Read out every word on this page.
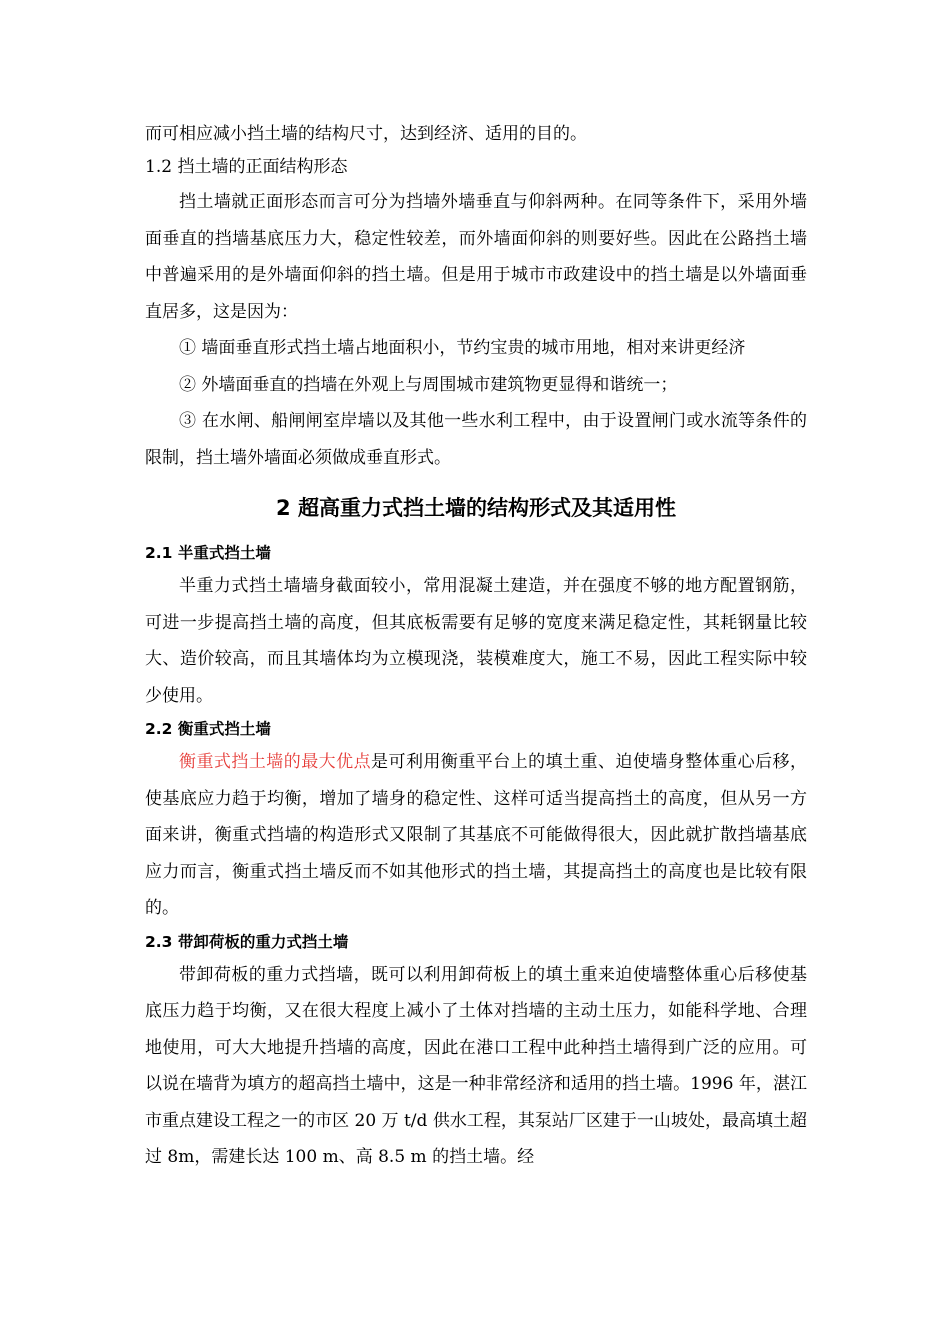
而可相应减小挡土墙的结构尺寸，达到经济、适用的目的。
1.2 挡土墙的正面结构形态

挡土墙就正面形态而言可分为挡墙外墙垂直与仰斜两种。在同等条件下，采用外墙面垂直的挡墙基底压力大，稳定性较差，而外墙面仰斜的则要好些。因此在公路挡土墙中普遍采用的是外墙面仰斜的挡土墙。但是用于城市市政建设中的挡土墙是以外墙面垂直居多，这是因为：

① 墙面垂直形式挡土墙占地面积小，节约宝贵的城市用地，相对来讲更经济

② 外墙面垂直的挡墙在外观上与周围城市建筑物更显得和谐统一；

③ 在水闸、船闸闸室岸墙以及其他一些水利工程中，由于设置闸门或水流等条件的限制，挡土墙外墙面必须做成垂直形式。

2 超高重力式挡土墙的结构形式及其适用性
2.1 半重式挡土墙

半重力式挡土墙墙身截面较小，常用混凝土建造，并在强度不够的地方配置钢筋，可进一步提高挡土墙的高度，但其底板需要有足够的宽度来满足稳定性，其耗钢量比较大、造价较高，而且其墙体均为立模现浇，装模难度大，施工不易，因此工程实际中较少使用。

2.2 衡重式挡土墙

衡重式挡土墙的最大优点是可利用衡重平台上的填土重、迫使墙身整体重心后移，使基底应力趋于均衡，增加了墙身的稳定性、这样可适当提高挡土的高度，但从另一方面来讲，衡重式挡墙的构造形式又限制了其基底不可能做得很大，因此就扩散挡墙基底应力而言，衡重式挡土墙反而不如其他形式的挡土墙，其提高挡土的高度也是比较有限的。

2.3 带卸荷板的重力式挡土墙

带卸荷板的重力式挡墙，既可以利用卸荷板上的填土重来迫使墙整体重心后移使基底压力趋于均衡，又在很大程度上减小了土体对挡墙的主动土压力，如能科学地、合理地使用，可大大地提升挡墙的高度，因此在港口工程中此种挡土墙得到广泛的应用。可以说在墙背为填方的超高挡土墙中，这是一种非常经济和适用的挡土墙。1996 年，湛江市重点建设工程之一的市区 20 万 t/d 供水工程，其泵站厂区建于一山坡处，最高填土超过 8m，需建长达 100 m、高 8.5 m 的挡土墙。经
